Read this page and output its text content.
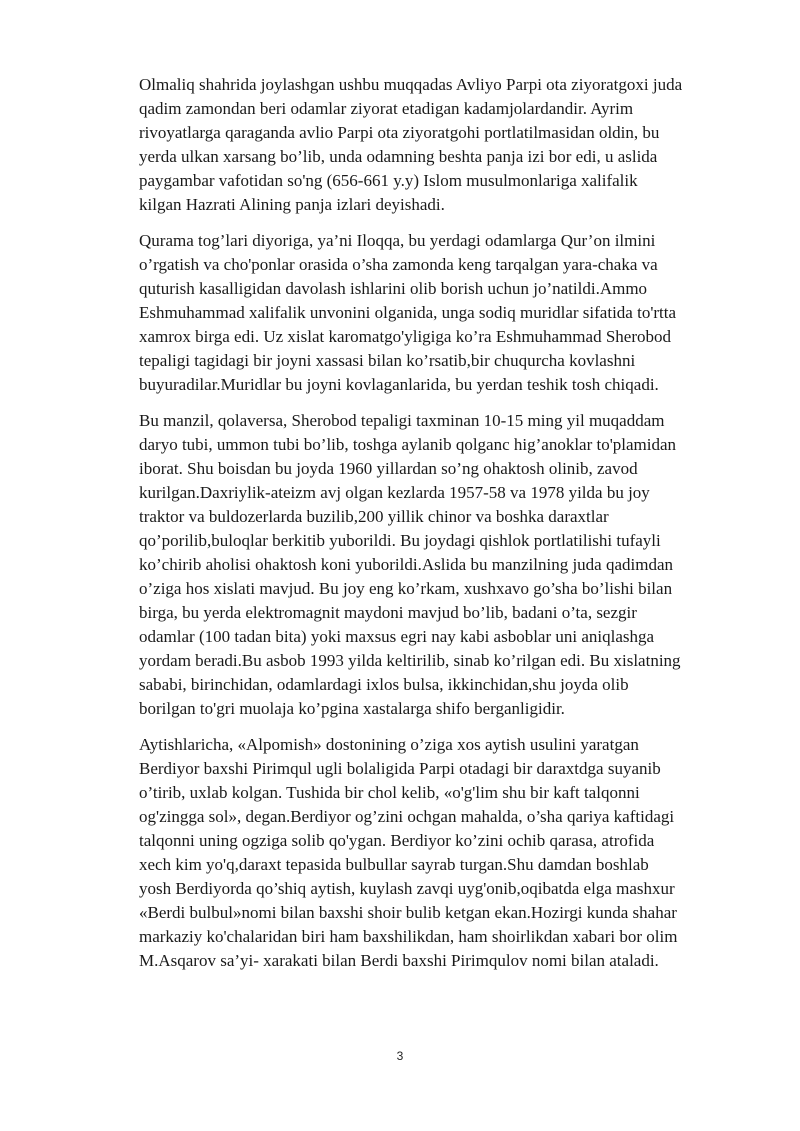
Olmaliq shahrida joylashgan ushbu muqqadas Avliyo Parpi ota ziyoratgoxi juda
qadim zamondan beri odamlar ziyorat etadigan kadamjolardandir. Ayrim
rivoyatlarga qaraganda avlio Parpi ota ziyoratgohi portlatilmasidan oldin, bu
yerda ulkan xarsang bo’lib, unda odamning beshta panja izi bor edi, u aslida
paygambar vafotidan so'ng (656-661 y.y) Islom musulmonlariga xalifalik
kilgan Hazrati Alining panja izlari deyishadi.

Qurama tog’lari diyoriga, ya’ni Iloqqa, bu yerdagi odamlarga Qur’on ilmini
o’rgatish va cho'ponlar orasida o’sha zamonda keng tarqalgan yara-chaka va
quturish kasalligidan davolash ishlarini olib borish uchun jo’natildi.Ammo
Eshmuhammad xalifalik unvonini olganida, unga sodiq muridlar sifatida to'rtta
xamrox birga edi. Uz xislat karomatgo'yligiga ko’ra Eshmuhammad Sherobod
tepaligi tagidagi bir joyni xassasi bilan ko’rsatib,bir chuqurcha kovlashni
buyuradilar.Muridlar bu joyni kovlaganlarida, bu yerdan teshik tosh chiqadi.

Bu manzil, qolaversa, Sherobod tepaligi taxminan 10-15 ming yil muqaddam
daryo tubi, ummon tubi bo’lib, toshga aylanib qolganc hig’anoklar to'plamidan
iborat. Shu boisdan bu joyda 1960 yillardan so’ng ohaktosh olinib, zavod
kurilgan.Daxriylik-ateizm avj olgan kezlarda 1957-58 va 1978 yilda bu joy
traktor va buldozerlarda buzilib,200 yillik chinor va boshka daraxtlar
qo’porilib,buloqlar berkitib yuborildi. Bu joydagi qishlok portlatilishi tufayli
ko’chirib aholisi ohaktosh koni yuborildi.Aslida bu manzilning juda qadimdan
o’ziga hos xislati mavjud. Bu joy eng ko’rkam, xushxavo go’sha bo’lishi bilan
birga, bu yerda elektromagnit maydoni mavjud bo’lib, badani o’ta, sezgir
odamlar (100 tadan bita) yoki maxsus egri nay kabi asboblar uni aniqlashga
yordam beradi.Bu asbob 1993 yilda keltirilib, sinab ko’rilgan edi. Bu xislatning
sababi, birinchidan, odamlardagi ixlos bulsa, ikkinchidan,shu joyda olib
borilgan to'gri muolaja ko’pgina xastalarga shifo berganligidir.

Aytishlaricha, «Alpomish» dostonining o’ziga xos aytish usulini yaratgan
Berdiyor baxshi Pirimqul ugli bolaligida Parpi otadagi bir daraxtdga suyanib
o’tirib, uxlab kolgan. Tushida bir chol kelib, «o'g'lim shu bir kaft talqonni
og'zingga sol», degan.Berdiyor og’zini ochgan mahalda, o’sha qariya kaftidagi
talqonni uning ogziga solib qo'ygan. Berdiyor ko’zini ochib qarasa, atrofida
xech kim yo'q,daraxt tepasida bulbullar sayrab turgan.Shu damdan boshlab
yosh Berdiyorda qo’shiq aytish, kuylash zavqi uyg'onib,oqibatda elga mashxur
«Berdi bulbul»nomi bilan baxshi shoir bulib ketgan ekan.Hozirgi kunda shahar
markaziy ko'chalaridan biri ham baxshilikdan, ham shoirlikdan xabari bor olim
M.Asqarov sa’yi- xarakati bilan Berdi baxshi Pirimqulov nomi bilan ataladi.

3
